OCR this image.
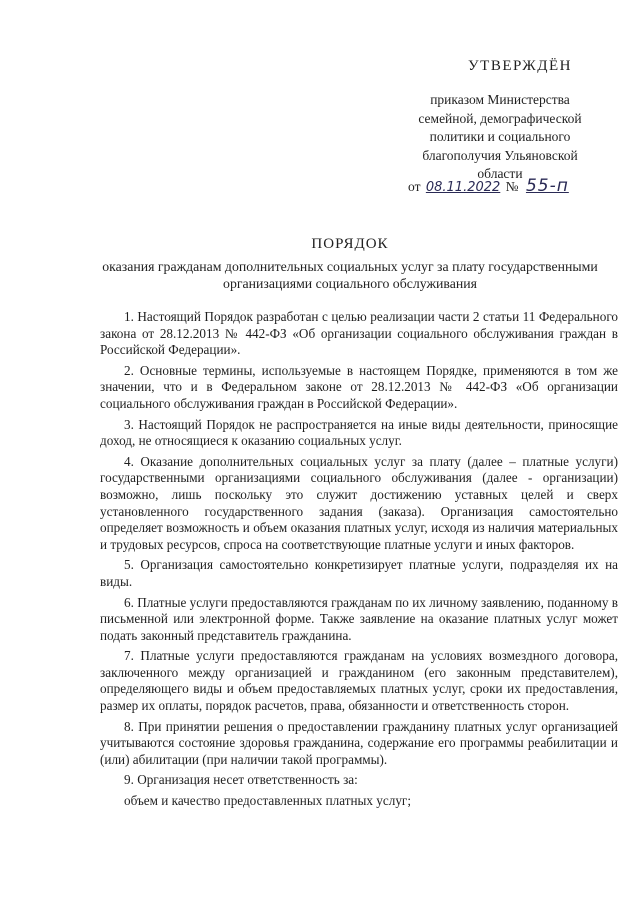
УТВЕРЖДЁН
приказом Министерства семейной, демографической политики и социального благополучия Ульяновской области
от 08.11.2022 № 55-п
ПОРЯДОК
оказания гражданам дополнительных социальных услуг за плату государственными организациями социального обслуживания

1. Настоящий Порядок разработан с целью реализации части 2 статьи 11 Федерального закона от 28.12.2013 № 442-ФЗ «Об организации социального обслуживания граждан в Российской Федерации».

2. Основные термины, используемые в настоящем Порядке, применяются в том же значении, что и в Федеральном законе от 28.12.2013 № 442-ФЗ «Об организации социального обслуживания граждан в Российской Федерации».

3. Настоящий Порядок не распространяется на иные виды деятельности, приносящие доход, не относящиеся к оказанию социальных услуг.

4. Оказание дополнительных социальных услуг за плату (далее – платные услуги) государственными организациями социального обслуживания (далее - организации) возможно, лишь поскольку это служит достижению уставных целей и сверх установленного государственного задания (заказа). Организация самостоятельно определяет возможность и объем оказания платных услуг, исходя из наличия материальных и трудовых ресурсов, спроса на соответствующие платные услуги и иных факторов.

5. Организация самостоятельно конкретизирует платные услуги, подразделяя их на виды.

6. Платные услуги предоставляются гражданам по их личному заявлению, поданному в письменной или электронной форме. Также заявление на оказание платных услуг может подать законный представитель гражданина.

7. Платные услуги предоставляются гражданам на условиях возмездного договора, заключенного между организацией и гражданином (его законным представителем), определяющего виды и объем предоставляемых платных услуг, сроки их предоставления, размер их оплаты, порядок расчетов, права, обязанности и ответственность сторон.

8. При принятии решения о предоставлении гражданину платных услуг организацией учитываются состояние здоровья гражданина, содержание его программы реабилитации и (или) абилитации (при наличии такой программы).

9. Организация несет ответственность за:

объем и качество предоставленных платных услуг;
